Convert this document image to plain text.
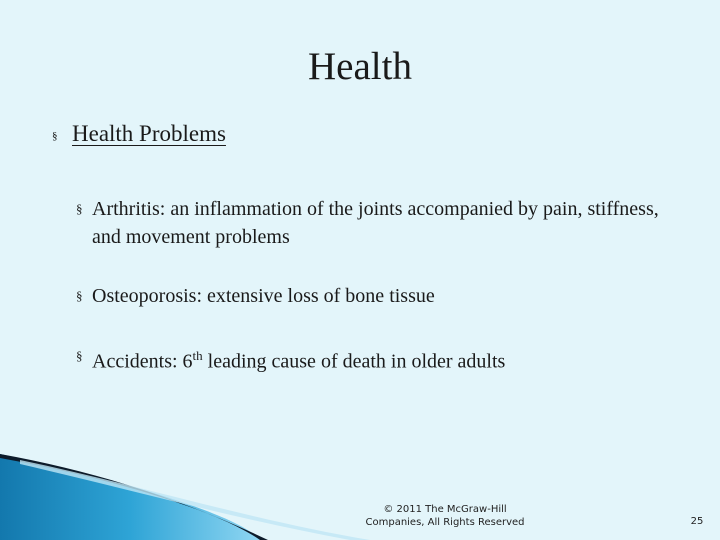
Health
§ Health Problems
§ Arthritis: an inflammation of the joints accompanied by pain, stiffness, and movement problems
§ Osteoporosis: extensive loss of bone tissue
§ Accidents: 6th leading cause of death in older adults
© 2011 The McGraw-Hill
Companies, All Rights Reserved	25
